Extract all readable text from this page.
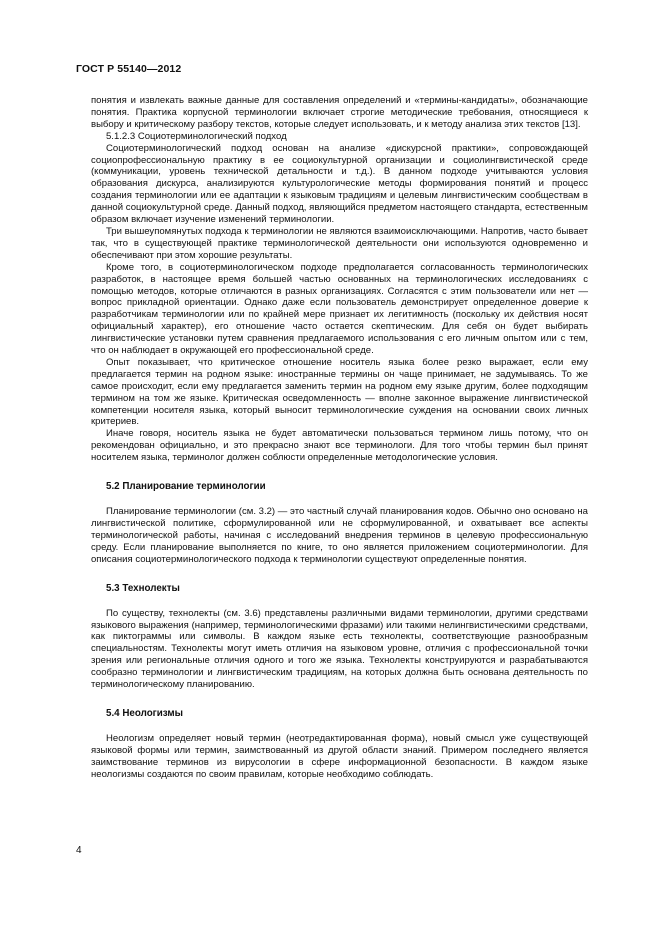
ГОСТ Р 55140—2012

понятия и извлекать важные данные для составления определений и «термины-кандидаты», обозначающие понятия. Практика корпусной терминологии включает строгие методические требования, относящиеся к выбору и критическому разбору текстов, которые следует использовать, и к методу анализа этих текстов [13].

5.1.2.3 Социотерминологический подход

Социотерминологический подход основан на анализе «дискурсной практики», сопровождающей социопрофессиональную практику в ее социокультурной организации и социолингвистической среде (коммуникации, уровень технической детальности и т.д.). В данном подходе учитываются условия образования дискурса, анализируются культурологические методы формирования понятий и процесс создания терминологии или ее адаптации к языковым традициям и целевым лингвистическим сообществам в данной социокультурной среде. Данный подход, являющийся предметом настоящего стандарта, естественным образом включает изучение изменений терминологии.

Три вышеупомянутых подхода к терминологии не являются взаимоисключающими. Напротив, часто бывает так, что в существующей практике терминологической деятельности они используются одновременно и обеспечивают при этом хорошие результаты.

Кроме того, в социотерминологическом подходе предполагается согласованность терминологических разработок, в настоящее время большей частью основанных на терминологических исследованиях с помощью методов, которые отличаются в разных организациях. Согласятся с этим пользователи или нет — вопрос прикладной ориентации. Однако даже если пользователь демонстрирует определенное доверие к разработчикам терминологии или по крайней мере признает их легитимность (поскольку их действия носят официальный характер), его отношение часто остается скептическим. Для себя он будет выбирать лингвистические установки путем сравнения предлагаемого использования с его личным опытом или с тем, что он наблюдает в окружающей его профессиональной среде.

Опыт показывает, что критическое отношение носитель языка более резко выражает, если ему предлагается термин на родном языке: иностранные термины он чаще принимает, не задумываясь. То же самое происходит, если ему предлагается заменить термин на родном ему языке другим, более подходящим термином на том же языке. Критическая осведомленность — вполне законное выражение лингвистической компетенции носителя языка, который выносит терминологические суждения на основании своих личных критериев.

Иначе говоря, носитель языка не будет автоматически пользоваться термином лишь потому, что он рекомендован официально, и это прекрасно знают все терминологи. Для того чтобы термин был принят носителем языка, терминолог должен соблюсти определенные методологические условия.

5.2 Планирование терминологии

Планирование терминологии (см. 3.2) — это частный случай планирования кодов. Обычно оно основано на лингвистической политике, сформулированной или не сформулированной, и охватывает все аспекты терминологической работы, начиная с исследований внедрения терминов в целевую профессиональную среду. Если планирование выполняется по книге, то оно является приложением социотерминологии. Для описания социотерминологического подхода к терминологии существуют определенные понятия.

5.3 Технолекты

По существу, технолекты (см. 3.6) представлены различными видами терминологии, другими средствами языкового выражения (например, терминологическими фразами) или такими нелингвистическими средствами, как пиктограммы или символы. В каждом языке есть технолекты, соответствующие разнообразным специальностям. Технолекты могут иметь отличия на языковом уровне, отличия с профессиональной точки зрения или региональные отличия одного и того же языка. Технолекты конструируются и разрабатываются сообразно терминологии и лингвистическим традициям, на которых должна быть основана деятельность по терминологическому планированию.

5.4 Неологизмы

Неологизм определяет новый термин (неотредактированная форма), новый смысл уже существующей языковой формы или термин, заимствованный из другой области знаний. Примером последнего является заимствование терминов из вирусологии в сфере информационной безопасности. В каждом языке неологизмы создаются по своим правилам, которые необходимо соблюдать.

4
